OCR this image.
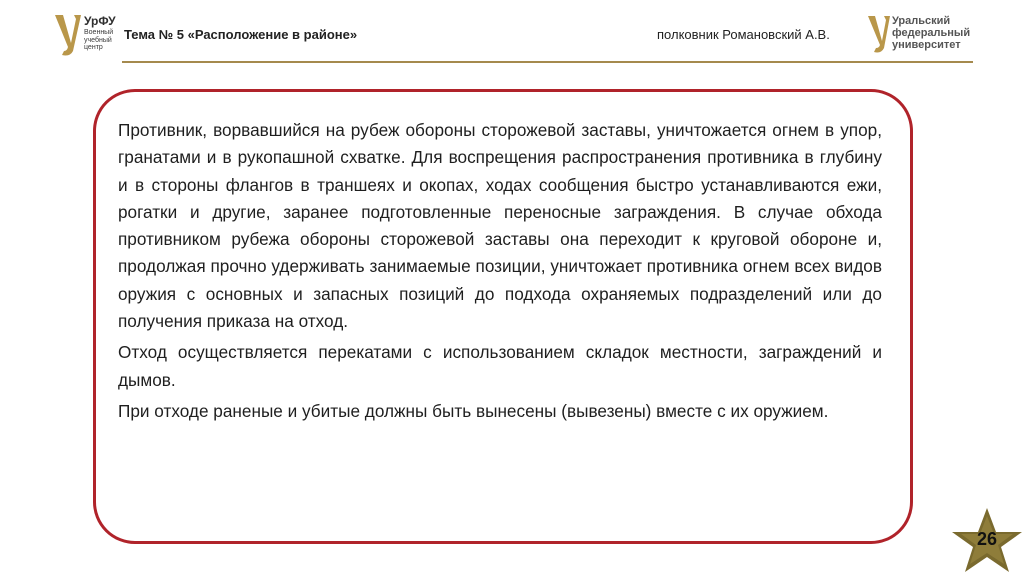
УрФУ
Военный
учебный
центр
Тема № 5 «Расположение в районе»	полковник Романовский А.В.
Уральский
федеральный
университет

Противник, ворвавшийся на рубеж обороны сторожевой заставы, уничтожается огнем в упор, гранатами и в рукопашной схватке. Для воспрещения распространения противника в глубину и в стороны флангов в траншеях и окопах, ходах сообщения быстро устанавливаются ежи, рогатки и другие, заранее подготовленные переносные заграждения. В случае обхода противником рубежа обороны сторожевой заставы она переходит к круговой обороне и, продолжая прочно удерживать занимаемые позиции, уничтожает противника огнем всех видов оружия с основных и запасных позиций до подхода охраняемых подразделений или до получения приказа на отход.

Отход осуществляется перекатами с использованием складок местности, заграждений и дымов.

При отходе раненые и убитые должны быть вынесены (вывезены) вместе с их оружием.

26
